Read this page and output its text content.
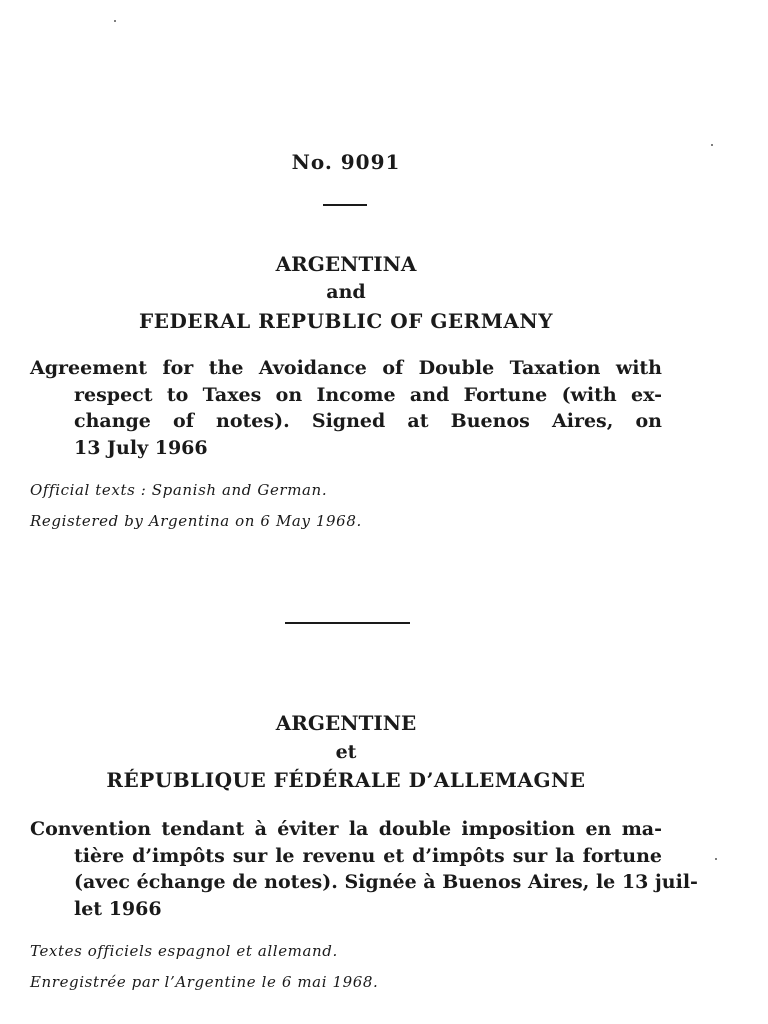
No. 9091
ARGENTINA
and
FEDERAL REPUBLIC OF GERMANY
Agreement for the Avoidance of Double Taxation with
respect to Taxes on Income and Fortune (with ex-
change of notes). Signed at Buenos Aires, on
13 July 1966
Official texts : Spanish and German.
Registered by Argentina on 6 May 1968.
ARGENTINE
et
RÉPUBLIQUE FÉDÉRALE D’ALLEMAGNE
Convention tendant à éviter la double imposition en ma-
tière d’impôts sur le revenu et d’impôts sur la fortune
(avec échange de notes). Signée à Buenos Aires, le 13 juil-
let 1966
Textes officiels espagnol et allemand.
Enregistrée par l’Argentine le 6 mai 1968.
